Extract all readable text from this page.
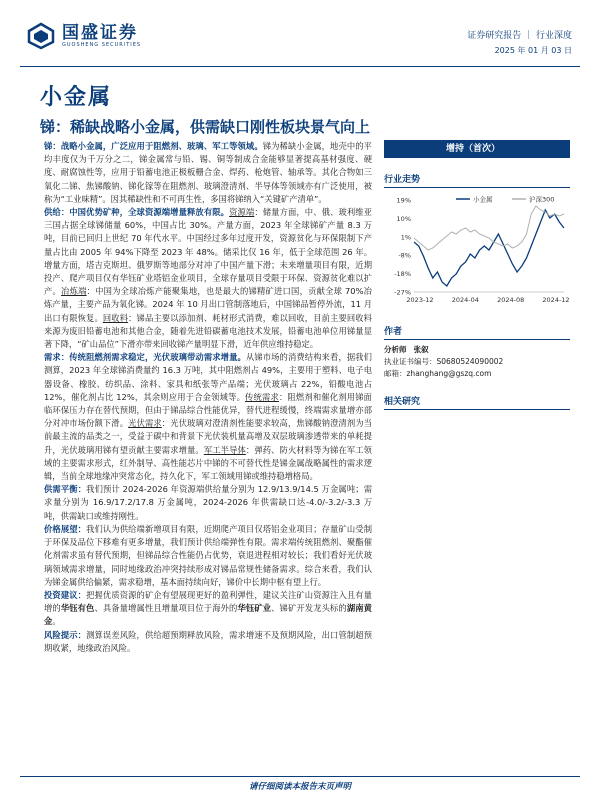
国盛证券
GUOSHENG SECURITIES
证券研究报告 ｜ 行业深度
2025 年 01 月 03 日
小金属
锑：稀缺战略小金属，供需缺口刚性板块景气向上

锑：战略小金属，广泛应用于阻燃剂、玻璃、军工等领域。锑为稀缺小金属，地壳中的平均丰度仅为千万分之二，锑金属常与铅、锡、铜等制成合金能够显著提高基材强度、硬度、耐腐蚀性等，应用于铅蓄电池正极板栅合金、焊药、枪炮管、轴承等。其化合物如三氧化二锑、焦锑酸钠、锑化镓等在阻燃剂、玻璃澄清剂、半导体等领域亦有广泛使用，被称为“工业味精”。因其稀缺性和不可再生性，多国将锑纳入“关键矿产清单”。

供给：中国优势矿种，全球资源端增量释放有限。资源端：储量方面，中、俄、玻利维亚三国占据全球锑储量 60%，中国占比 30%。产量方面，2023 年全球锑矿产量 8.3 万吨，目前已回归上世纪 70 年代水平。中国经过多年过度开发，资源贫化与环保限制下产量占比由 2005 年 94%下降至 2023 年 48%。储采比仅 16 年，低于全球范围 26 年。增量方面，塔吉克斯坦、俄罗斯等地部分对冲了中国产量下滑；未来增量项目有限，近期投产、爬产项目仅有华钰矿业塔铝金业项目，全球存量项目受限于环保、资源贫化难以扩产。冶炼端：中国为全球冶炼产能聚集地，也是最大的锑精矿进口国，贡献全球 70%冶炼产量，主要产品为氧化锑。2024 年 10 月出口管制落地后，中国锑品暂停外流，11 月出口有限恢复。回收料：锑品主要以添加剂、耗材形式消费，难以回收，目前主要回收料来源为废旧铅蓄电池和其他合金，随着先进铅碳蓄电池技术发展，铅蓄电池单位用锑量显著下降，“矿山品位”下滑亦带来回收锑产量明显下滑，近年供应维持稳定。

需求：传统阻燃剂需求稳定，光伏玻璃带动需求增量。从锑市场的消费结构来看，据我们测算，2023 年全球锑消费量约 16.3 万吨，其中阻燃剂占 49%，主要用于塑料、电子电器设备、橡胶、纺织品、涂料、家具和纸张等产品端；光伏玻璃占 22%，铅酸电池占 12%，催化剂占比 12%，其余则应用于合金领域等。传统需求：阻燃剂和催化剂用锑面临环保压力存在替代预期，但由于锑品综合性能优异，替代进程缓慢，终端需求量增亦部分对冲市场份额下滑。光伏需求：光伏玻璃对澄清剂性能要求较高，焦锑酸钠澄清剂为当前最主流的品类之一，受益于碳中和背景下光伏装机量高增及双层玻璃渗透带来的单耗提升，光伏玻璃用锑有望贡献主要需求增量。军工半导体：弹药、防火材料等为锑在军工领域的主要需求形式，红外制导、高性能芯片中锑的不可替代性是锑金属战略属性的需求逻辑，当前全球地缘冲突常态化，持久化下，军工领域用锑或维持稳增格局。

供需平衡：我们预计 2024-2026 年资源端供给量分别为 12.9/13.9/14.5 万金属吨；需求量分别为 16.9/17.2/17.8 万金属吨，2024-2026 年供需缺口达-4.0/-3.2/-3.3 万吨，供需缺口或维持刚性。

价格展望：我们认为供给端新增项目有限，近期爬产项目仅塔铝金业项目；存量矿山受制于环保及品位下移难有更多增量，我们预计供给端弹性有限。需求端传统阻燃剂、聚酯催化剂需求虽有替代预期，但锑品综合性能仍占优势，衰退进程相对较长；我们看好光伏玻璃领域需求增量，同时地缘政治冲突持续形成对锑品常规性储备需求。综合来看，我们认为锑金属供给偏紧，需求稳增，基本面持续向好，锑价中长期中枢有望上行。

投资建议：把握优质资源的矿企有望展现更好的盈利弹性，建议关注矿山资源注入且有量增的华钰有色、具备量增属性且增量项目位于海外的华钰矿业、锑矿开发龙头标的湖南黄金。

风险提示：测算误差风险，供给超预期释放风险，需求增速不及预期风险，出口管制超预期收紧，地缘政治风险。

增持（首次）
行业走势
19%
10%
1%
-8%
-18%
-27%
2023-12	2024-04	2024-08	2024-12
小金属	沪深300
作者
分析师 张叙
执业证书编号：S0680524090002
邮箱：zhanghang@gszq.com
相关研究
请仔细阅读本报告末页声明
